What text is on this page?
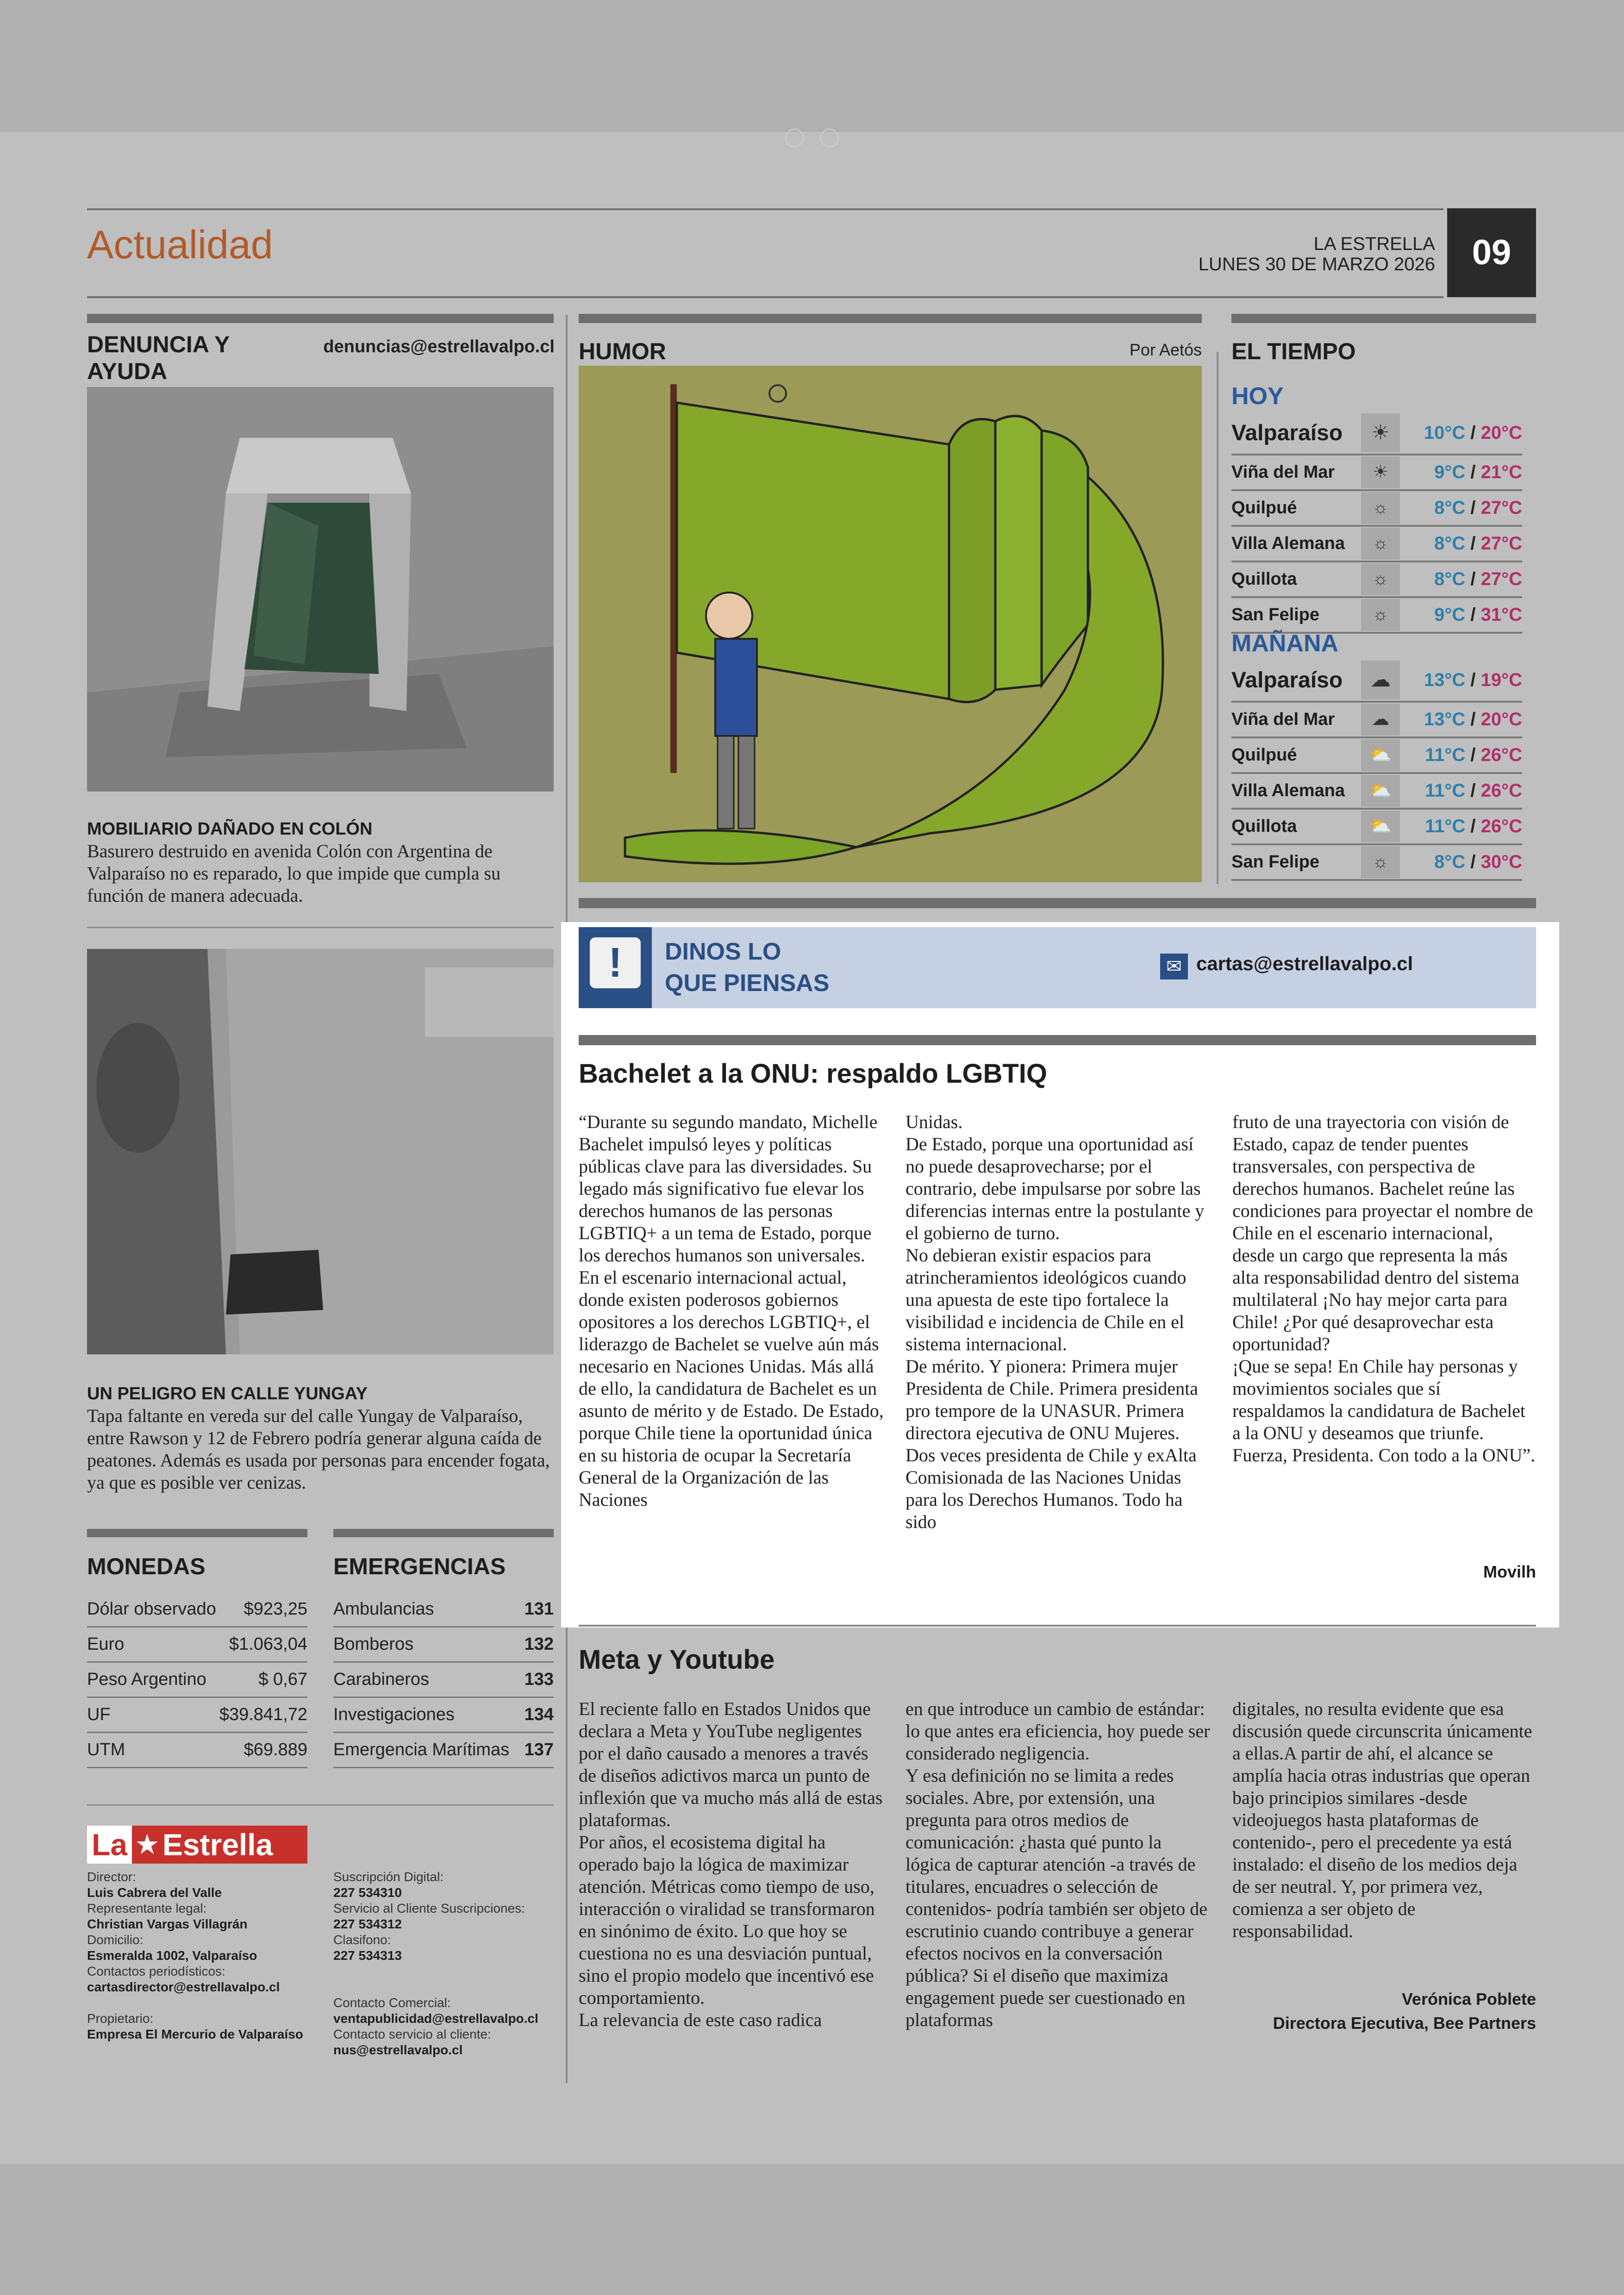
Actualidad	LA ESTRELLA
LUNES 30 DE MARZO 2026	09
DENUNCIA Y AYUDA
denuncias@estrellavalpo.cl
MOBILIARIO DAÑADO EN COLÓN
Basurero destruido en avenida Colón con Argentina de Valparaíso no es reparado, lo que impide que cumpla su función de manera adecuada.
UN PELIGRO EN CALLE YUNGAY
Tapa faltante en vereda sur del calle Yungay de Valparaíso, entre Rawson y 12 de Febrero podría generar alguna caída de peatones. Además es usada por personas para encender fogata, ya que es posible ver cenizas.
MONEDAS
Dólar observado $923,25
Euro	$1.063,04
Peso Argentino	$ 0,67
UF	$39.841,72
UTM	$69.889
EMERGENCIAS
Ambulancias	131
Bomberos	132
Carabineros	133
Investigaciones	134
Emergencia Marítimas 137
La ★ Estrella
Director:
Luis Cabrera del Valle
Representante legal:
Christian Vargas Villagrán
Domicilio:
Esmeralda 1002, Valparaíso
Contactos periodísticos:
cartasdirector@estrellavalpo.cl
Propietario:
Empresa El Mercurio de Valparaíso
Suscripción Digital:
227 534310
Servicio al Cliente Suscripciones:
227 534312
Clasifono:
227 534313
Contacto Comercial:
ventapublicidad@estrellavalpo.cl
Contacto servicio al cliente:
nus@estrellavalpo.cl
HUMOR	Por Aetós EL TIEMPO
HOY
Valparaíso	☀	10°C / 20°C
Viña del Mar	☀	9°C / 21°C
Quilpué	☼	8°C / 27°C
Villa Alemana	☼	8°C / 27°C
Quillota	☼	8°C / 27°C
San Felipe	☼	9°C / 31°C
MAÑANA
Valparaíso	☁	13°C / 19°C
Viña del Mar	☁	13°C / 20°C
Quilpué	⛅	11°C / 26°C
Villa Alemana	⛅	11°C / 26°C
Quillota	⛅	11°C / 26°C
San Felipe	☼	8°C / 30°C
!	DINOS LO
QUE PIENSAS
✉ cartas@estrellavalpo.cl
Bachelet a la ONU: respaldo LGBTIQ
“Durante su segundo mandato, Michelle Bachelet impulsó leyes y políticas públicas clave para las diversidades. Su legado más significativo fue elevar los derechos humanos de las personas LGBTIQ+ a un tema de Estado, porque los derechos humanos son universales.
En el escenario internacional actual, donde existen poderosos gobiernos opositores a los derechos LGBTIQ+, el liderazgo de Bachelet se vuelve aún más necesario en Naciones Unidas. Más allá de ello, la candidatura de Bachelet es un asunto de mérito y de Estado. De Estado, porque Chile tiene la oportunidad única en su historia de ocupar la Secretaría General de la Organización de las Naciones
Unidas.
De Estado, porque una oportunidad así no puede desaprovecharse; por el contrario, debe impulsarse por sobre las diferencias internas entre la postulante y el gobierno de turno.
No debieran existir espacios para atrincheramientos ideológicos cuando una apuesta de este tipo fortalece la visibilidad e incidencia de Chile en el sistema internacional.
De mérito. Y pionera: Primera mujer Presidenta de Chile. Primera presidenta pro tempore de la UNASUR. Primera directora ejecutiva de ONU Mujeres. Dos veces presidenta de Chile y exAlta Comisionada de las Naciones Unidas para los Derechos Humanos. Todo ha sido
fruto de una trayectoria con visión de Estado, capaz de tender puentes transversales, con perspectiva de derechos humanos. Bachelet reúne las condiciones para proyectar el nombre de Chile en el escenario internacional, desde un cargo que representa la más alta responsabilidad dentro del sistema multilateral ¡No hay mejor carta para Chile! ¿Por qué desaprovechar esta oportunidad?
¡Que se sepa! En Chile hay personas y movimientos sociales que sí respaldamos la candidatura de Bachelet a la ONU y deseamos que triunfe. Fuerza, Presidenta. Con todo a la ONU”.
Movilh
Meta y Youtube
El reciente fallo en Estados Unidos que declara a Meta y YouTube negligentes por el daño causado a menores a través de diseños adictivos marca un punto de inflexión que va mucho más allá de estas plataformas.
Por años, el ecosistema digital ha operado bajo la lógica de maximizar atención. Métricas como tiempo de uso, interacción o viralidad se transformaron en sinónimo de éxito. Lo que hoy se cuestiona no es una desviación puntual, sino el propio modelo que incentivó ese comportamiento.
La relevancia de este caso radica
en que introduce un cambio de estándar: lo que antes era eficiencia, hoy puede ser considerado negligencia.
Y esa definición no se limita a redes sociales. Abre, por extensión, una pregunta para otros medios de comunicación: ¿hasta qué punto la lógica de capturar atención -a través de titulares, encuadres o selección de contenidos- podría también ser objeto de escrutinio cuando contribuye a generar efectos nocivos en la conversación pública? Si el diseño que maximiza engagement puede ser cuestionado en plataformas
digitales, no resulta evidente que esa discusión quede circunscrita únicamente a ellas.A partir de ahí, el alcance se amplía hacia otras industrias que operan bajo principios similares -desde videojuegos hasta plataformas de contenido-, pero el precedente ya está instalado: el diseño de los medios deja de ser neutral. Y, por primera vez, comienza a ser objeto de responsabilidad.
Verónica Poblete
Directora Ejecutiva, Bee Partners
